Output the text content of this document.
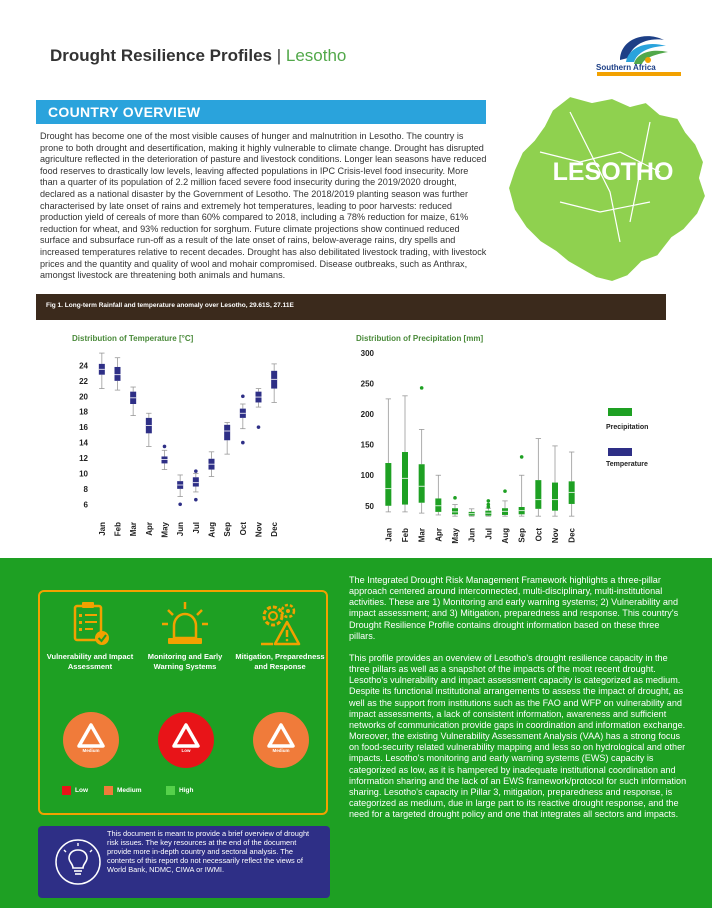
Drought Resilience Profiles | Lesotho
Southern Africa
COUNTRY OVERVIEW
LESOTHO
Drought has become one of the most visible causes of hunger and malnutrition in Lesotho. The country is prone to both drought and desertification, making it highly vulnerable to climate change. Drought has disrupted agriculture reflected in the deterioration of pasture and livestock conditions. Longer lean seasons have reduced food reserves to drastically low levels, leaving affected populations in IPC Crisis-level food insecurity. More than a quarter of its population of 2.2 million faced severe food insecurity during the 2019/2020 drought, declared as a national disaster by the Government of Lesotho. The 2018/2019 planting season was further characterised by late onset of rains and extremely hot temperatures, leading to poor harvests: reduced production yield of cereals of more than 60% compared to 2018, including a 78% reduction for maize, 61% reduction for wheat, and 93% reduction for sorghum. Future climate projections show continued reduced surface and subsurface run-off as a result of the late onset of rains, below-average rains, dry spells and increased temperatures relative to recent decades. Drought has also debilitated livestock trading, with livestock prices and the quantity and quality of wool and mohair compromised. Disease outbreaks, such as Anthrax, amongst livestock are threatening both animals and humans.
Fig 1. Long-term Rainfall and temperature anomaly over Lesotho, 29.61S, 27.11E
Distribution of Temperature [°C]
6
8
10
12
14
16
18
20
22
24
Jan Feb Mar Apr May Jun Jul Aug Sep Oct Nov Dec
Distribution of Precipitation [mm]
50
100
150
200
250
300
Jan Feb Mar Apr May Jun Jul Aug Sep Oct Nov Dec
Precipitation
Temperature
Vulnerability and Impact Assessment
Medium
Monitoring and Early Warning Systems
Low
Mitigation, Preparedness and Response
Medium
Low	Medium	High
This document is meant to provide a brief overview of drought risk issues. The key resources at the end of the document provide more in-depth country and sectoral analysis. The contents of this report do not necessarily reflect the views of World Bank, NDMC, CIWA or IWMI.

The Integrated Drought Risk Management Framework highlights a three-pillar approach centered around interconnected, multi-disciplinary, multi-institutional activities. These are 1) Monitoring and early warning systems; 2) Vulnerability and impact assessment; and 3) Mitigation, preparedness and response. This country's Drought Resilience Profile contains drought information based on these three pillars.

This profile provides an overview of Lesotho's drought resilience capacity in the three pillars as well as a snapshot of the impacts of the most recent drought. Lesotho's vulnerability and impact assessment capacity is categorized as medium. Despite its functional institutional arrangements to assess the impact of drought, as well as the support from institutions such as the FAO and WFP on vulnerability and impact assessments, a lack of consistent information, awareness and sufficient networks of communication provide gaps in coordination and information exchange. Moreover, the existing Vulnerability Assessment Analysis (VAA) has a strong focus on food-security related vulnerability mapping and less so on hydrological and other impacts. Lesotho's monitoring and early warning systems (EWS) capacity is categorized as low, as it is hampered by inadequate institutional coordination and information sharing and the lack of an EWS framework/protocol for such information sharing. Lesotho's capacity in Pillar 3, mitigation, preparedness and response, is categorized as medium, due in large part to its reactive drought response, and the need for a targeted drought policy and one that integrates all sectors and impacts.
